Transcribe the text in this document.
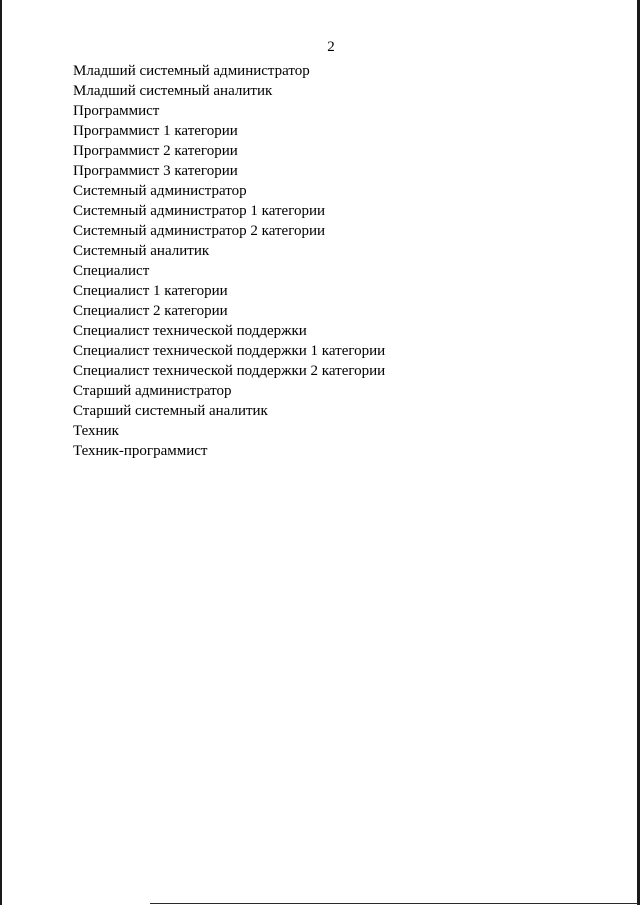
2
Младший системный администратор
Младший системный аналитик
Программист
Программист 1 категории
Программист 2 категории
Программист 3 категории
Системный администратор
Системный администратор 1 категории
Системный администратор 2 категории
Системный аналитик
Специалист
Специалист 1 категории
Специалист 2 категории
Специалист технической поддержки
Специалист технической поддержки 1 категории
Специалист технической поддержки 2 категории
Старший администратор
Старший системный аналитик
Техник
Техник-программист
